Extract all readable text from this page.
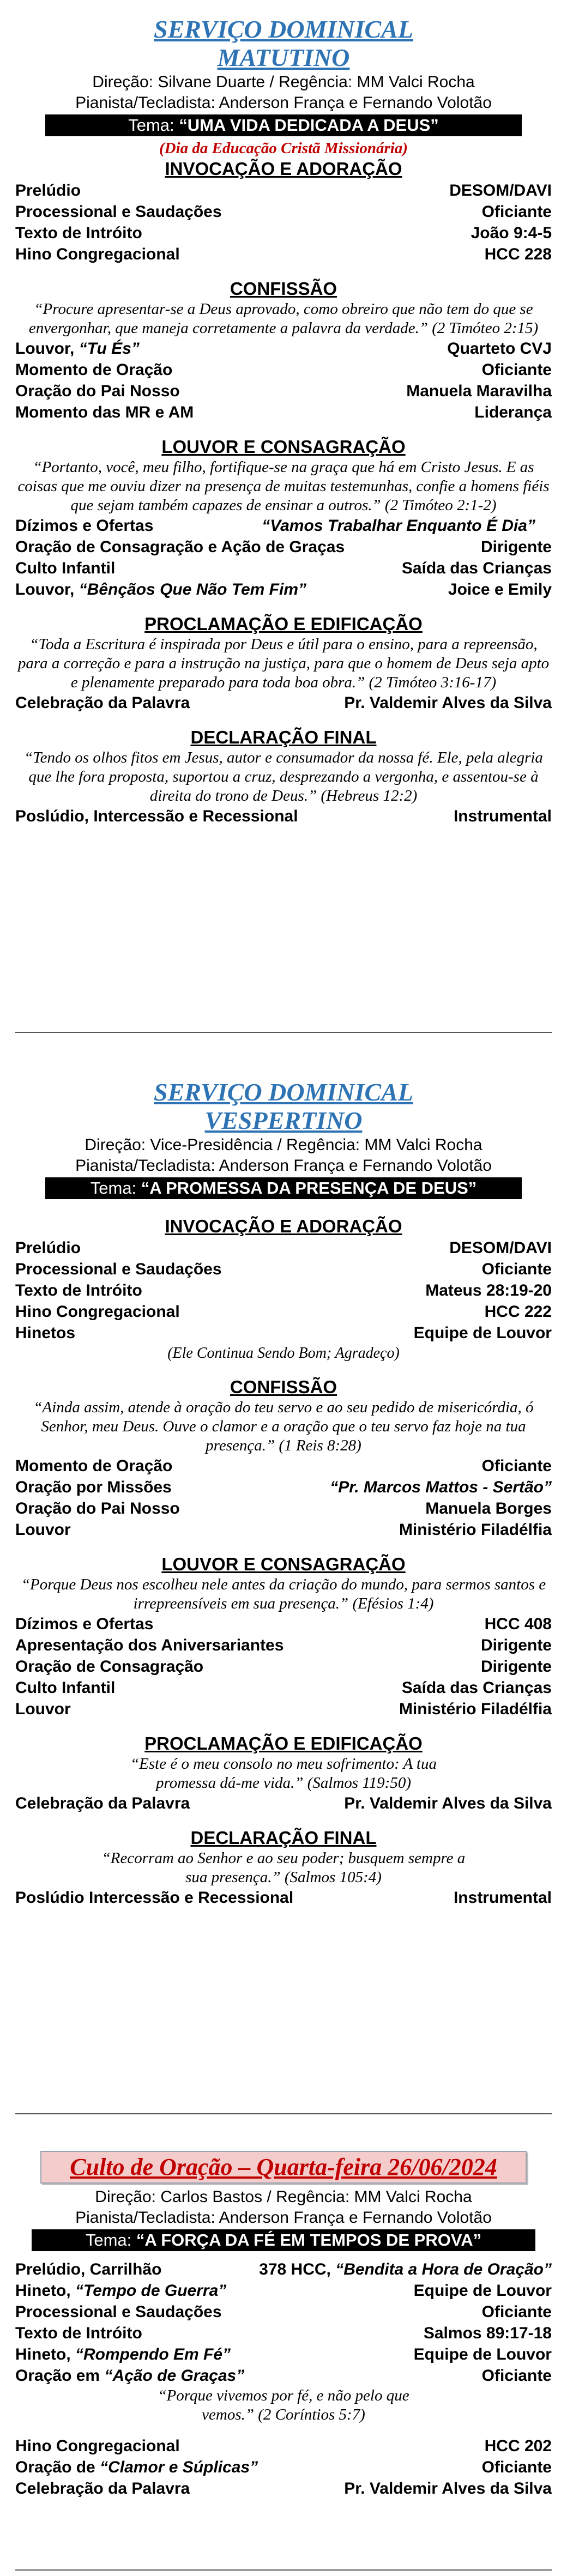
SERVIÇO DOMINICAL
MATUTINO
Direção: Silvane Duarte / Regência: MM Valci Rocha
Pianista/Tecladista: Anderson França e Fernando Volotão
Tema: “UMA VIDA DEDICADA A DEUS”
(Dia da Educação Cristã Missionária)
INVOCAÇÃO E ADORAÇÃO
Prelúdio	DESOM/DAVI
Processional e Saudações	Oficiante
Texto de Intróito	João 9:4-5
Hino Congregacional	HCC 228
CONFISSÃO
“Procure apresentar-se a Deus aprovado, como obreiro que não tem do que se envergonhar, que maneja corretamente a palavra da verdade.” (2 Timóteo 2:15)
Louvor, “Tu És”	Quarteto CVJ
Momento de Oração	Oficiante
Oração do Pai Nosso	Manuela Maravilha
Momento das MR e AM	Liderança
LOUVOR E CONSAGRAÇÃO
“Portanto, você, meu filho, fortifique-se na graça que há em Cristo Jesus. E as coisas que me ouviu dizer na presença de muitas testemunhas, confie a homens fiéis que sejam também capazes de ensinar a outros.” (2 Timóteo 2:1-2)
Dízimos e Ofertas	“Vamos Trabalhar Enquanto É Dia”
Oração de Consagração e Ação de Graças	Dirigente
Culto Infantil	Saída das Crianças
Louvor, “Bênçãos Que Não Tem Fim”	Joice e Emily
PROCLAMAÇÃO E EDIFICAÇÃO
“Toda a Escritura é inspirada por Deus e útil para o ensino, para a repreensão, para a correção e para a instrução na justiça, para que o homem de Deus seja apto e plenamente preparado para toda boa obra.” (2 Timóteo 3:16-17)
Celebração da Palavra	Pr. Valdemir Alves da Silva
DECLARAÇÃO FINAL
“Tendo os olhos fitos em Jesus, autor e consumador da nossa fé. Ele, pela alegria que lhe fora proposta, suportou a cruz, desprezando a vergonha, e assentou-se à direita do trono de Deus.” (Hebreus 12:2)
Poslúdio, Intercessão e Recessional	Instrumental
SERVIÇO DOMINICAL
VESPERTINO
Direção: Vice-Presidência / Regência: MM Valci Rocha
Pianista/Tecladista: Anderson França e Fernando Volotão
Tema: “A PROMESSA DA PRESENÇA DE DEUS”
INVOCAÇÃO E ADORAÇÃO
Prelúdio	DESOM/DAVI
Processional e Saudações	Oficiante
Texto de Intróito	Mateus 28:19-20
Hino Congregacional	HCC 222
Hinetos	Equipe de Louvor
(Ele Continua Sendo Bom; Agradeço)
CONFISSÃO
“Ainda assim, atende à oração do teu servo e ao seu pedido de misericórdia, ó Senhor, meu Deus. Ouve o clamor e a oração que o teu servo faz hoje na tua presença.” (1 Reis 8:28)
Momento de Oração	Oficiante
Oração por Missões	“Pr. Marcos Mattos - Sertão”
Oração do Pai Nosso	Manuela Borges
Louvor	Ministério Filadélfia
LOUVOR E CONSAGRAÇÃO
“Porque Deus nos escolheu nele antes da criação do mundo, para sermos santos e irrepreensíveis em sua presença.” (Efésios 1:4)
Dízimos e Ofertas	HCC 408
Apresentação dos Aniversariantes	Dirigente
Oração de Consagração	Dirigente
Culto Infantil	Saída das Crianças
Louvor	Ministério Filadélfia
PROCLAMAÇÃO E EDIFICAÇÃO
“Este é o meu consolo no meu sofrimento: A tua promessa dá-me vida.” (Salmos 119:50)
Celebração da Palavra	Pr. Valdemir Alves da Silva
DECLARAÇÃO FINAL
“Recorram ao Senhor e ao seu poder; busquem sempre a sua presença.” (Salmos 105:4)
Poslúdio Intercessão e Recessional	Instrumental
Culto de Oração – Quarta-feira 26/06/2024
Direção: Carlos Bastos / Regência: MM Valci Rocha
Pianista/Tecladista: Anderson França e Fernando Volotão
Tema: “A FORÇA DA FÉ EM TEMPOS DE PROVA”
Prelúdio, Carrilhão	378 HCC, “Bendita a Hora de Oração”
Hineto, “Tempo de Guerra”	Equipe de Louvor
Processional e Saudações	Oficiante
Texto de Intróito	Salmos 89:17-18
Hineto, “Rompendo Em Fé”	Equipe de Louvor
Oração em “Ação de Graças”	Oficiante
“Porque vivemos por fé, e não pelo que vemos.” (2 Coríntios 5:7)
Hino Congregacional	HCC 202
Oração de “Clamor e Súplicas”	Oficiante
Celebração da Palavra	Pr. Valdemir Alves da Silva
